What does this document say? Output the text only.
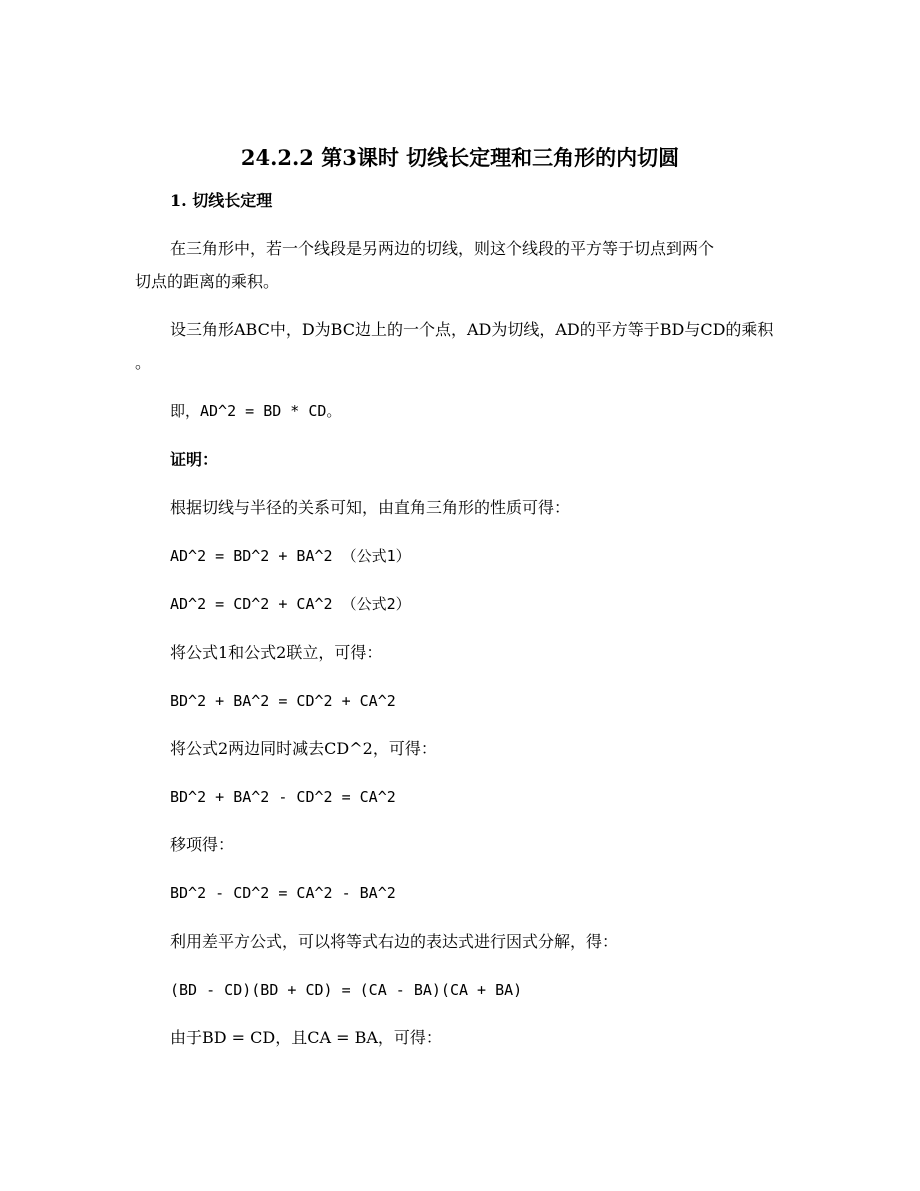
24.2.2 第3课时 切线长定理和三角形的内切圆
1. 切线长定理
在三角形中，若一个线段是另两边的切线，则这个线段的平方等于切点到两个
切点的距离的乘积。
设三角形ABC中，D为BC边上的一个点，AD为切线，AD的平方等于BD与CD的乘积
。
即，AD^2 = BD * CD。
证明：
根据切线与半径的关系可知，由直角三角形的性质可得：
AD^2 = BD^2 + BA^2 （公式1）
AD^2 = CD^2 + CA^2 （公式2）
将公式1和公式2联立，可得：
BD^2 + BA^2 = CD^2 + CA^2
将公式2两边同时减去CD^2，可得：
BD^2 + BA^2 - CD^2 = CA^2
移项得：
BD^2 - CD^2 = CA^2 - BA^2
利用差平方公式，可以将等式右边的表达式进行因式分解，得：
(BD - CD)(BD + CD) = (CA - BA)(CA + BA)
由于BD = CD，且CA = BA，可得：
